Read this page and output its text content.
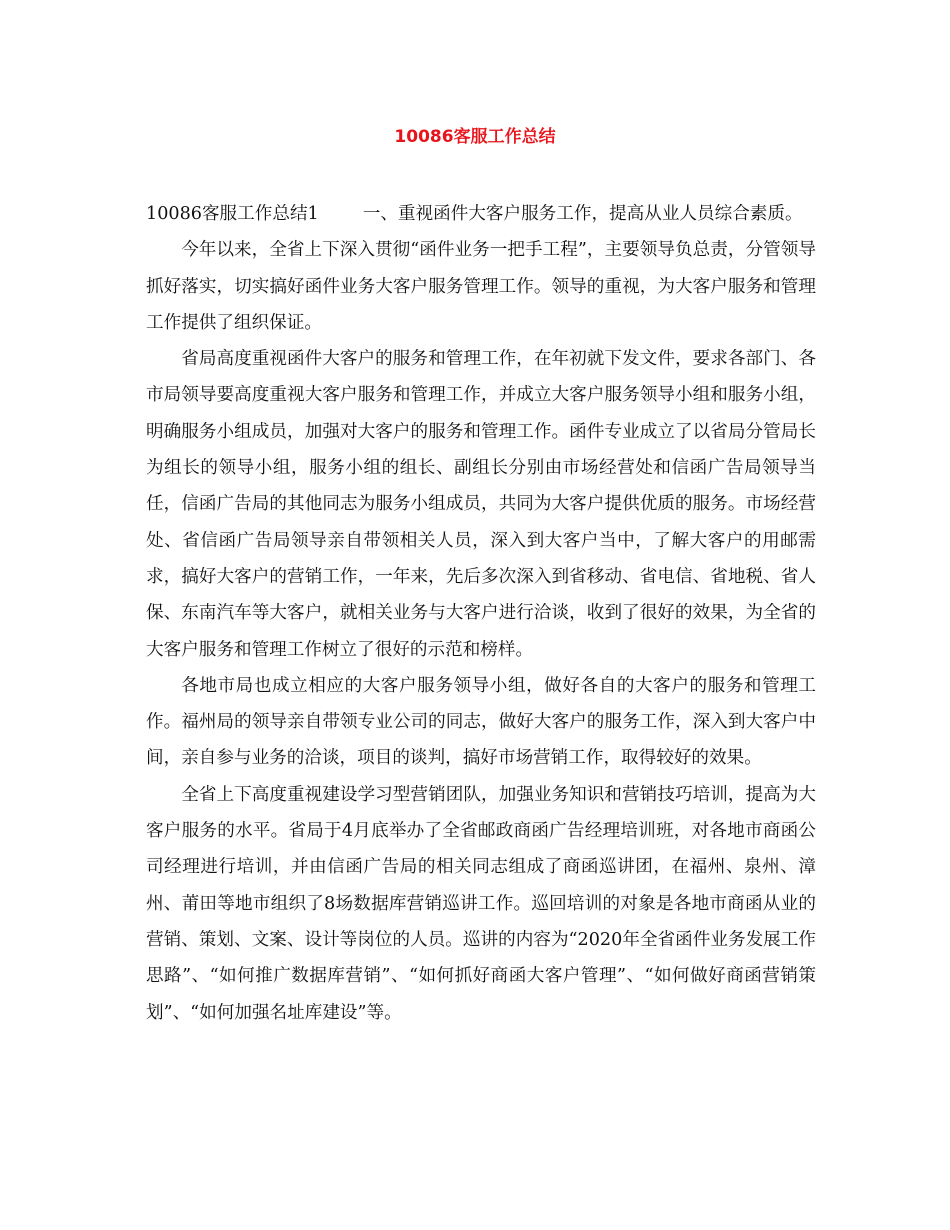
10086客服工作总结

10086客服工作总结1	一、重视函件大客户服务工作，提高从业人员综合素质。

今年以来，全省上下深入贯彻“函件业务一把手工程”，主要领导负总责，分管领导抓好落实，切实搞好函件业务大客户服务管理工作。领导的重视，为大客户服务和管理工作提供了组织保证。

省局高度重视函件大客户的服务和管理工作，在年初就下发文件，要求各部门、各市局领导要高度重视大客户服务和管理工作，并成立大客户服务领导小组和服务小组，明确服务小组成员，加强对大客户的服务和管理工作。函件专业成立了以省局分管局长为组长的领导小组，服务小组的组长、副组长分别由市场经营处和信函广告局领导当任，信函广告局的其他同志为服务小组成员，共同为大客户提供优质的服务。市场经营处、省信函广告局领导亲自带领相关人员，深入到大客户当中，了解大客户的用邮需求，搞好大客户的营销工作，一年来，先后多次深入到省移动、省电信、省地税、省人保、东南汽车等大客户，就相关业务与大客户进行洽谈，收到了很好的效果，为全省的大客户服务和管理工作树立了很好的示范和榜样。

各地市局也成立相应的大客户服务领导小组，做好各自的大客户的服务和管理工作。福州局的领导亲自带领专业公司的同志，做好大客户的服务工作，深入到大客户中间，亲自参与业务的洽谈，项目的谈判，搞好市场营销工作，取得较好的效果。

全省上下高度重视建设学习型营销团队，加强业务知识和营销技巧培训，提高为大客户服务的水平。省局于4月底举办了全省邮政商函广告经理培训班，对各地市商函公司经理进行培训，并由信函广告局的相关同志组成了商函巡讲团，在福州、泉州、漳州、莆田等地市组织了8场数据库营销巡讲工作。巡回培训的对象是各地市商函从业的营销、策划、文案、设计等岗位的人员。巡讲的内容为“2020年全省函件业务发展工作思路”、“如何推广数据库营销”、“如何抓好商函大客户管理”、“如何做好商函营销策划”、“如何加强名址库建设”等。
